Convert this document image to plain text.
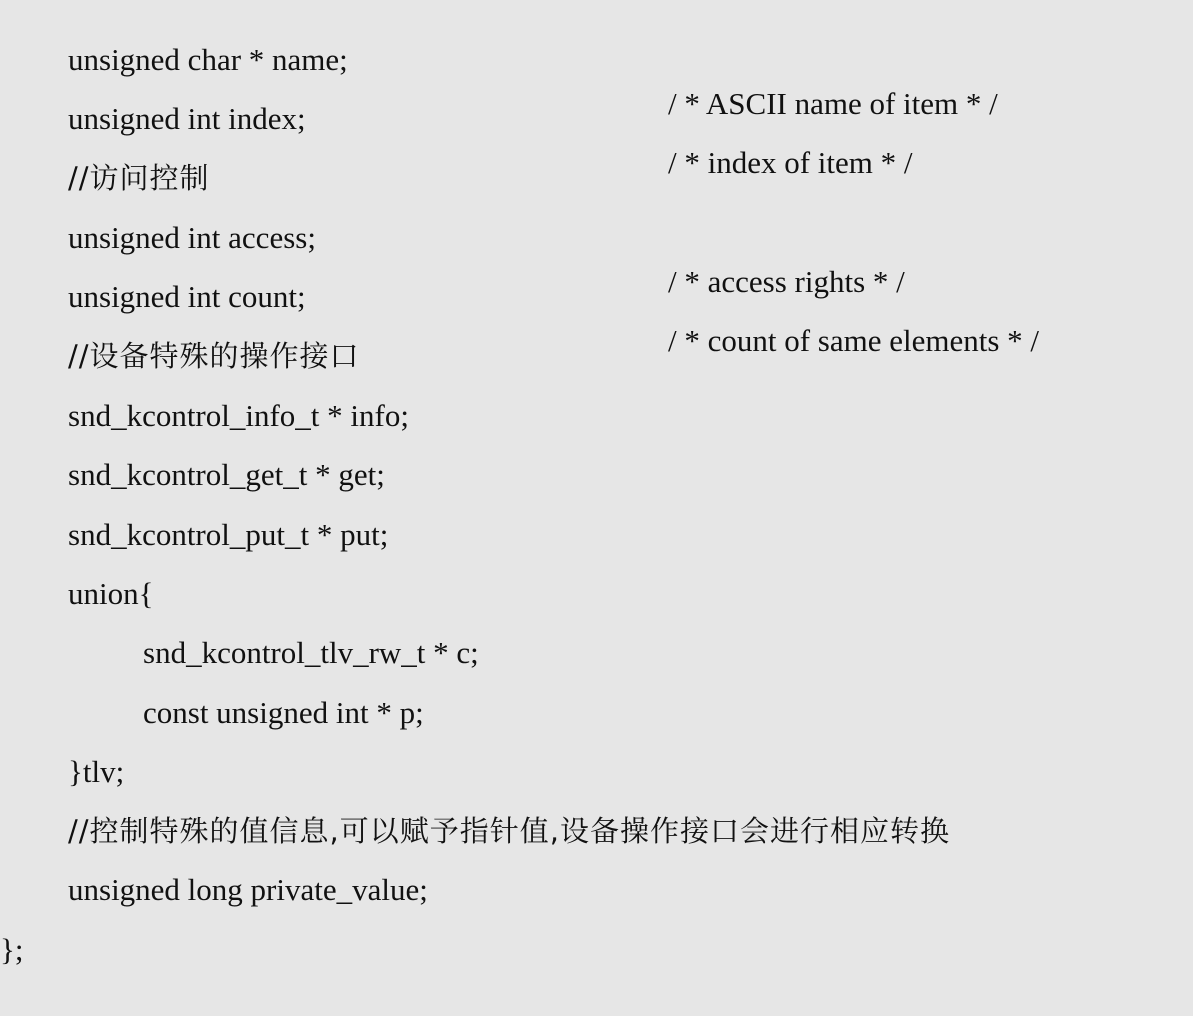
unsigned char * name;

/ * ASCII name of item * /

unsigned int index;

/ * index of item * /

//访问控制

unsigned int access;

/ * access rights * /

unsigned int count;

/ * count of same elements * /

//设备特殊的操作接口

snd_kcontrol_info_t * info;

snd_kcontrol_get_t * get;

snd_kcontrol_put_t * put;

union{

snd_kcontrol_tlv_rw_t * c;

const unsigned int * p;

}tlv;

//控制特殊的值信息,可以赋予指针值,设备操作接口会进行相应转换

unsigned long private_value;

};
